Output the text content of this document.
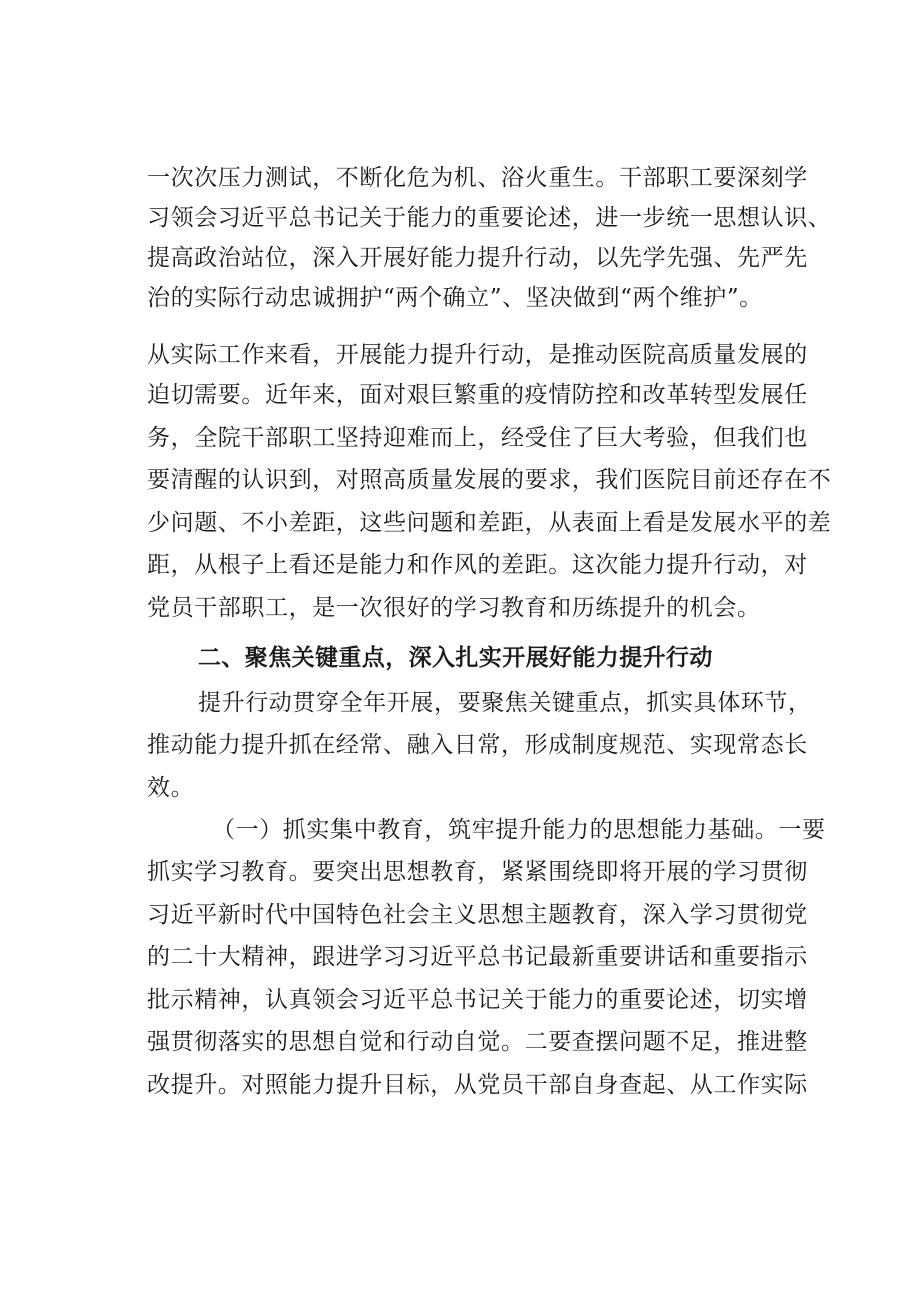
一次次压力测试，不断化危为机、浴火重生。干部职工要深刻学
习领会习近平总书记关于能力的重要论述，进一步统一思想认识、
提高政治站位，深入开展好能力提升行动，以先学先强、先严先
治的实际行动忠诚拥护“两个确立”、坚决做到“两个维护”。
从实际工作来看，开展能力提升行动，是推动医院高质量发展的
迫切需要。近年来，面对艰巨繁重的疫情防控和改革转型发展任
务，全院干部职工坚持迎难而上，经受住了巨大考验，但我们也
要清醒的认识到，对照高质量发展的要求，我们医院目前还存在不
少问题、不小差距，这些问题和差距，从表面上看是发展水平的差
距，从根子上看还是能力和作风的差距。这次能力提升行动，对
党员干部职工，是一次很好的学习教育和历练提升的机会。
二、聚焦关键重点，深入扎实开展好能力提升行动
提升行动贯穿全年开展，要聚焦关键重点，抓实具体环节，
推动能力提升抓在经常、融入日常，形成制度规范、实现常态长
效。
（一）抓实集中教育，筑牢提升能力的思想能力基础。一要
抓实学习教育。要突出思想教育，紧紧围绕即将开展的学习贯彻
习近平新时代中国特色社会主义思想主题教育，深入学习贯彻党
的二十大精神，跟进学习习近平总书记最新重要讲话和重要指示
批示精神，认真领会习近平总书记关于能力的重要论述，切实增
强贯彻落实的思想自觉和行动自觉。二要查摆问题不足，推进整
改提升。对照能力提升目标，从党员干部自身查起、从工作实际
